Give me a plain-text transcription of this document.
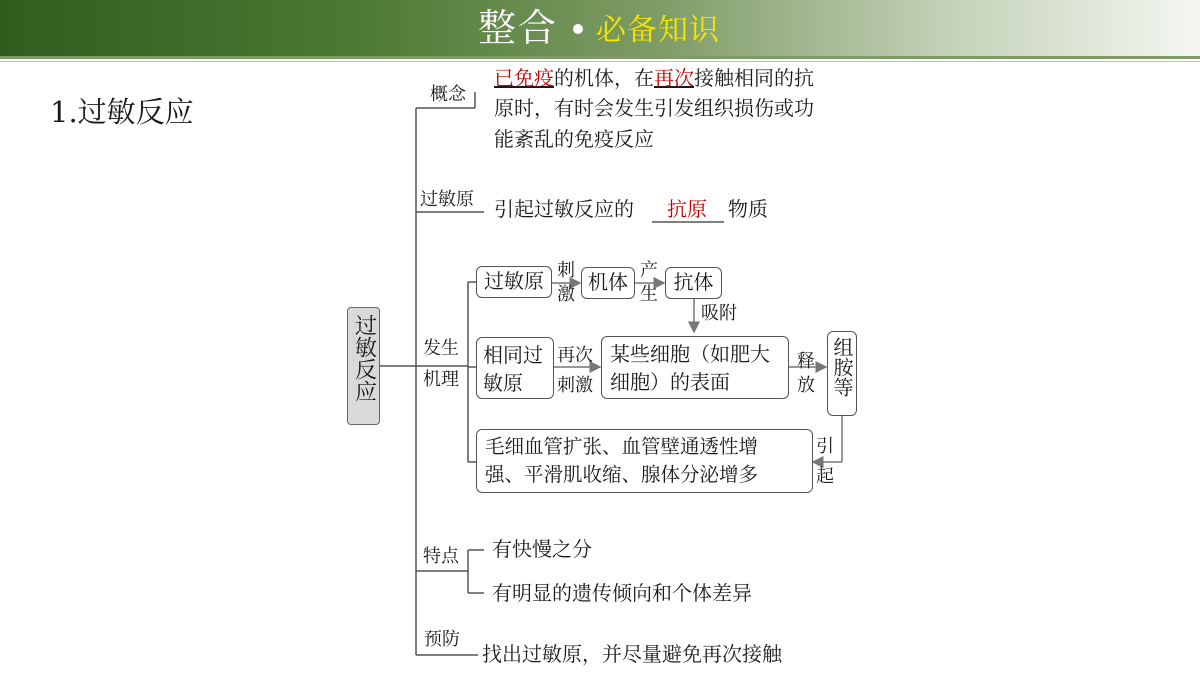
整合 必备知识
1.过敏反应
过敏反应
概念
已免疫的机体，在再次接触相同的抗
原时，有时会发生引发组织损伤或功
能紊乱的免疫反应
过敏原 引起过敏反应的 抗原 物质
发生
机理
过敏原 刺
激
机体 产
生
抗体
吸附
相同过
敏原
再次
刺激
某些细胞（如肥大
细胞）的表面
释
放 组胺等
毛细血管扩张、血管壁通透性增
强、平滑肌收缩、腺体分泌增多
引
起
特点 有快慢之分
有明显的遗传倾向和个体差异
预防
找出过敏原，并尽量避免再次接触
